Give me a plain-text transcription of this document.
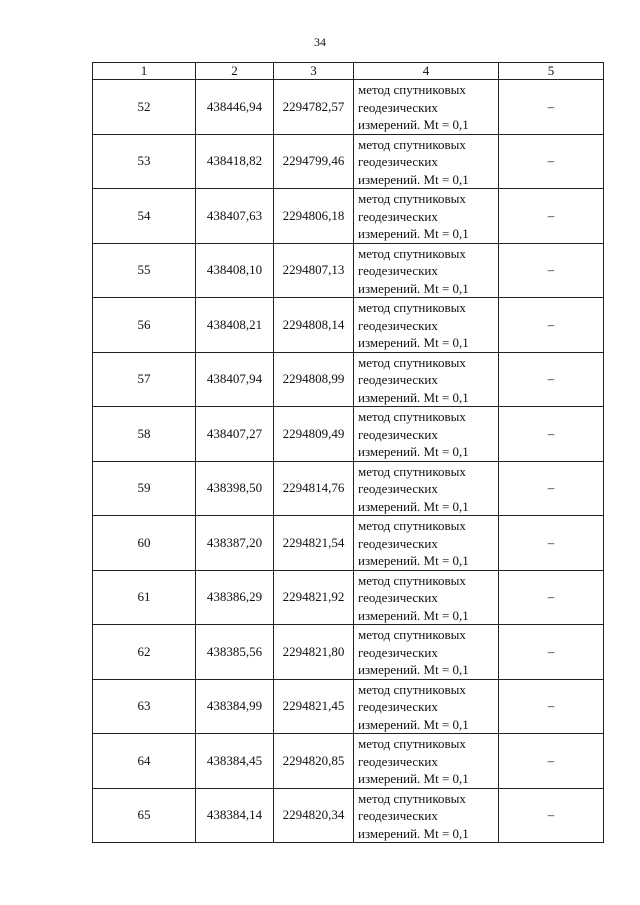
34
1	2	3	4	5
52	438446,94	2294782,57	метод спутниковых
геодезических
измерений. Mt = 0,1	–
53	438418,82	2294799,46	метод спутниковых
геодезических
измерений. Mt = 0,1	–
54	438407,63	2294806,18	метод спутниковых
геодезических
измерений. Mt = 0,1	–
55	438408,10	2294807,13	метод спутниковых
геодезических
измерений. Mt = 0,1	–
56	438408,21	2294808,14	метод спутниковых
геодезических
измерений. Mt = 0,1	–
57	438407,94	2294808,99	метод спутниковых
геодезических
измерений. Mt = 0,1	–
58	438407,27	2294809,49	метод спутниковых
геодезических
измерений. Mt = 0,1	–
59	438398,50	2294814,76	метод спутниковых
геодезических
измерений. Mt = 0,1	–
60	438387,20	2294821,54	метод спутниковых
геодезических
измерений. Mt = 0,1	–
61	438386,29	2294821,92	метод спутниковых
геодезических
измерений. Mt = 0,1	–
62	438385,56	2294821,80	метод спутниковых
геодезических
измерений. Mt = 0,1	–
63	438384,99	2294821,45	метод спутниковых
геодезических
измерений. Mt = 0,1	–
64	438384,45	2294820,85	метод спутниковых
геодезических
измерений. Mt = 0,1	–
65	438384,14	2294820,34	метод спутниковых
геодезических
измерений. Mt = 0,1	–
